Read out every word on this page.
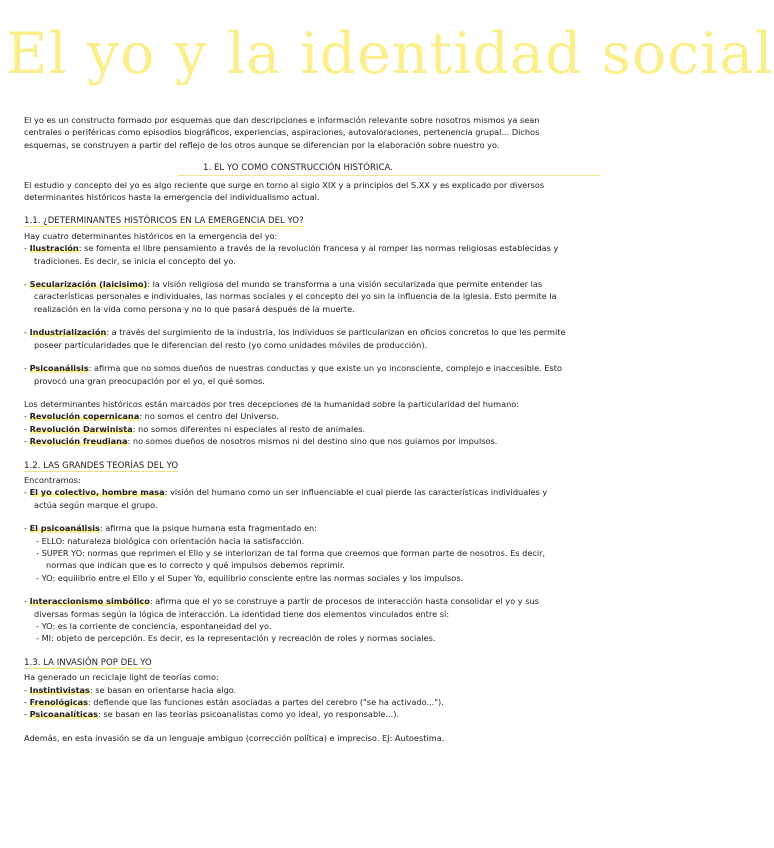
El yo y la identidad social

El yo es un constructo formado por esquemas que dan descripciones e información relevante sobre nosotros mismos ya sean centrales o periféricas como episodios biográficos, experiencias, aspiraciones, autovaloraciones, pertenencia grupal... Dichos esquemas, se construyen a partir del reflejo de los otros aunque se diferencian por la elaboración sobre nuestro yo.

1. EL YO COMO CONSTRUCCIÓN HISTÓRICA.

El estudio y concepto del yo es algo reciente que surge en torno al siglo XIX y a principios del S.XX y es explicado por diversos determinantes históricos hasta la emergencia del individualismo actual.

1.1. ¿DETERMINANTES HISTÓRICOS EN LA EMERGENCIA DEL YO?

Hay cuatro determinantes históricos en la emergencia del yo:

- Ilustración: se fomenta el libre pensamiento a través de la revolución francesa y al romper las normas religiosas establecidas y tradiciones. Es decir, se inicia el concepto del yo.

- Secularización (laicisimo): la visión religiosa del mundo se transforma a una visión secularizada que permite entender las características personales e individuales, las normas sociales y el concepto del yo sin la influencia de la iglesia. Esto permite la realización en la vida como persona y no lo que pasará después de la muerte.

- Industrialización: a través del surgimiento de la industria, los individuos se particularizan en oficios concretos lo que les permite poseer particularidades que le diferencian del resto (yo como unidades móviles de producción).

- Psicoanálisis: afirma que no somos dueños de nuestras conductas y que existe un yo inconsciente, complejo e inaccesible. Esto provocó una gran preocupación por el yo, el qué somos.

Los determinantes históricos están marcados por tres decepciones de la humanidad sobre la particularidad del humano:

- Revolución copernicana: no somos el centro del Universo.

- Revolución Darwinista: no somos diferentes ni especiales al resto de animales.

- Revolución freudiana: no somos dueños de nosotros mismos ni del destino sino que nos guiamos por impulsos.

1.2. LAS GRANDES TEORÍAS DEL YO

Encontramos:

- El yo colectivo, hombre masa: visión del humano como un ser influenciable el cual pierde las características individuales y actúa según marque el grupo.

- El psicoanálisis: afirma que la psique humana esta fragmentado en:

- ELLO: naturaleza biológica con orientación hacia la satisfacción.

- SUPER YO: normas que reprimen el Ello y se interiorizan de tal forma que creemos que forman parte de nosotros. Es decir, normas que indican que es lo correcto y qué impulsos debemos reprimir.

- YO: equilibrio entre el Ello y el Super Yo, equilibrio consciente entre las normas sociales y los impulsos.

- Interaccionismo simbólico: afirma que el yo se construye a partir de procesos de interacción hasta consolidar el yo y sus diversas formas según la lógica de interacción. La identidad tiene dos elementos vinculados entre sí:

- YO: es la corriente de conciencia, espontaneidad del yo.

- MI: objeto de percepción. Es decir, es la representación y recreación de roles y normas sociales.

1.3. LA INVASIÓN POP DEL YO

Ha generado un reciclaje light de teorías como:

- Instintivistas: se basan en orientarse hacia algo.

- Frenológicas: defiende que las funciones están asociadas a partes del cerebro ("se ha activado...").

- Psicoanalíticas: se basan en las teorías psicoanalistas como yo ideal, yo responsable...).

Además, en esta invasión se da un lenguaje ambiguo (corrección política) e impreciso. EJ: Autoestima.
